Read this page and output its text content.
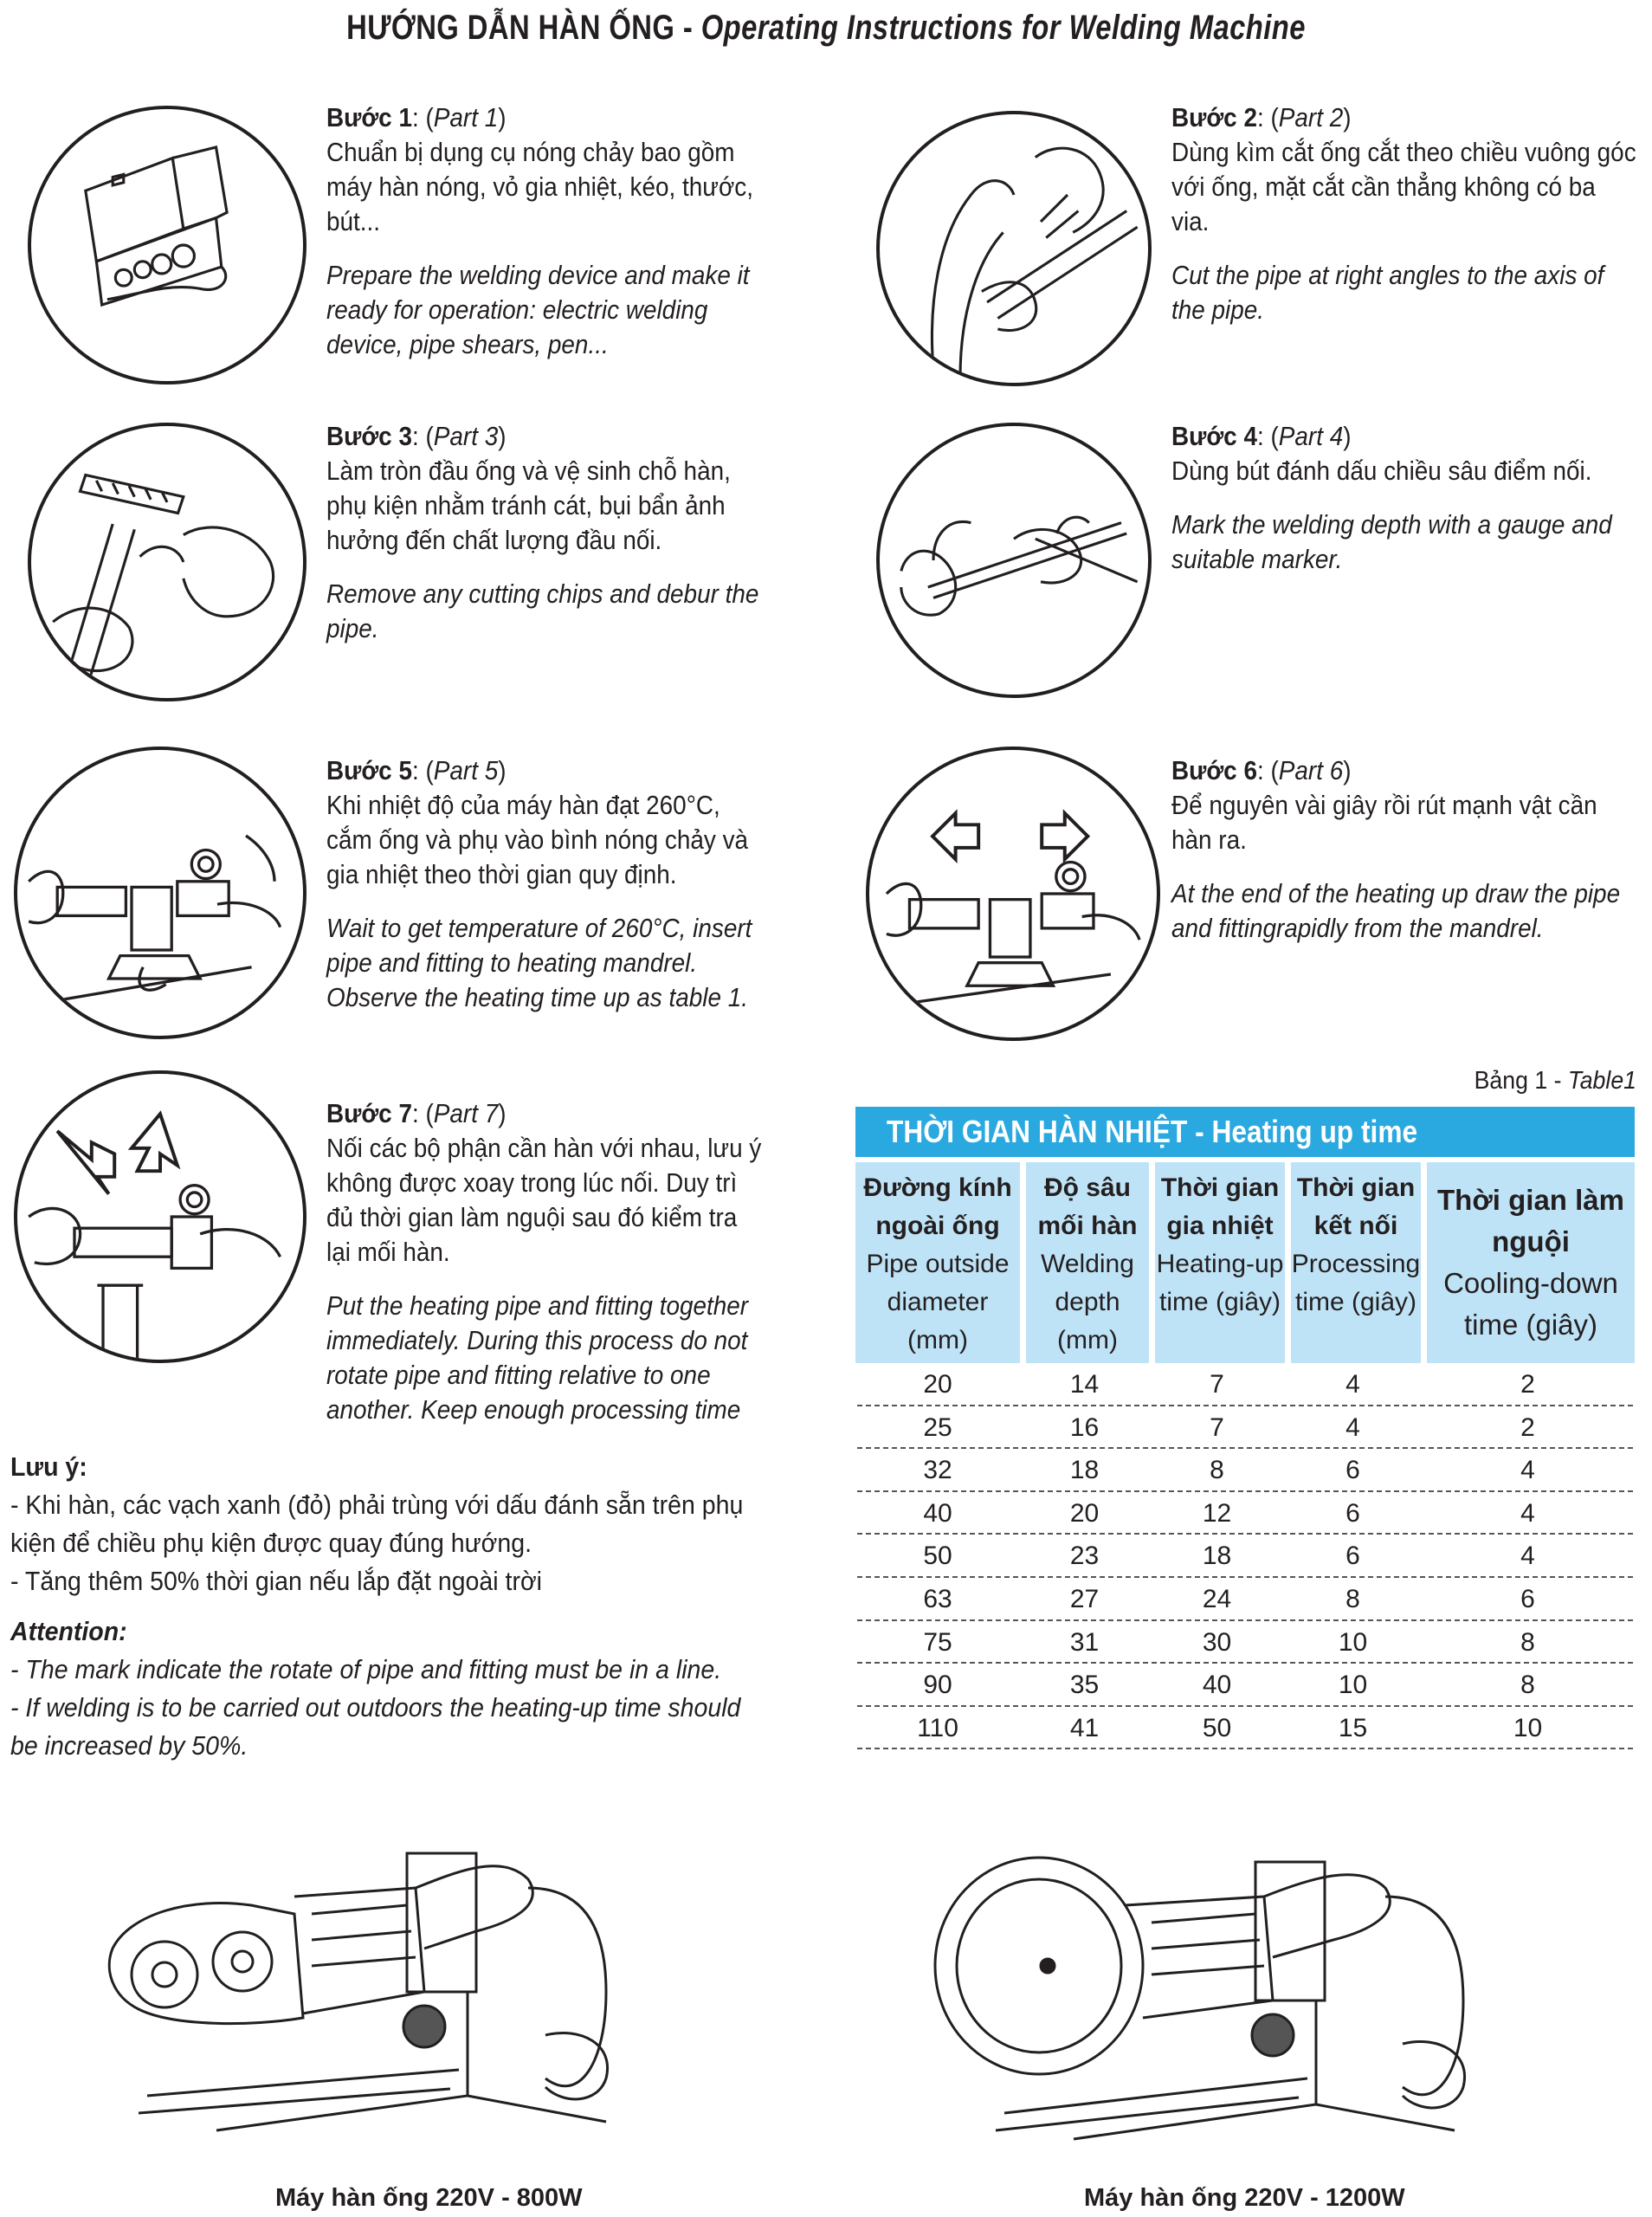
HƯỚNG DẪN HÀN ỐNG - Operating Instructions for Welding Machine
Bước 1: (Part 1)
Chuẩn bị dụng cụ nóng chảy bao gồm máy hàn nóng, vỏ gia nhiệt, kéo, thước, bút...
Prepare the welding device and make it ready for operation: electric welding device, pipe shears, pen...
Bước 2: (Part 2)
Dùng kìm cắt ống cắt theo chiều vuông góc với ống, mặt cắt cần thẳng không có ba via.
Cut the pipe at right angles to the axis of the pipe.
Bước 3: (Part 3)
Làm tròn đầu ống và vệ sinh chỗ hàn, phụ kiện nhằm tránh cát, bụi bẩn ảnh hưởng đến chất lượng đầu nối.
Remove any cutting chips and debur the pipe.
Bước 4: (Part 4)
Dùng bút đánh dấu chiều sâu điểm nối.
Mark the welding depth with a gauge and suitable marker.
Bước 5: (Part 5)
Khi nhiệt độ của máy hàn đạt 260°C, cắm ống và phụ vào bình nóng chảy và gia nhiệt theo thời gian quy định.
Wait to get temperature of 260°C, insert pipe and fitting to heating mandrel. Observe the heating time up as table 1.
Bước 6: (Part 6)
Để nguyên vài giây rồi rút mạnh vật cần hàn ra.
At the end of the heating up draw the pipe and fittingrapidly from the mandrel.
Bước 7: (Part 7)
Nối các bộ phận cần hàn với nhau, lưu ý không được xoay trong lúc nối. Duy trì đủ thời gian làm nguội sau đó kiểm tra lại mối hàn.
Put the heating pipe and fitting together immediately. During this process do not rotate pipe and fitting relative to one another. Keep enough processing time
Lưu ý:
- Khi hàn, các vạch xanh (đỏ) phải trùng với dấu đánh sẵn trên phụ kiện để chiều phụ kiện được quay đúng hướng.
- Tăng thêm 50% thời gian nếu lắp đặt ngoài trời
Attention:
- The mark indicate the rotate of pipe and fitting must be in a line.
- If welding is to be carried out outdoors the heating-up time should be increased by 50%.
Bảng 1 - Table1
THỜI GIAN HÀN NHIỆT - Heating up time
Đường kính ngoài ống
Pipe outside diameter (mm)
Độ sâu mối hàn
Welding depth (mm)
Thời gian gia nhiệt
Heating-up time (giây)
Thời gian kết nối
Processing time (giây)
Thời gian làm nguội
Cooling-down time (giây)
20	14	7	4	2
25	16	7	4	2
32	18	8	6	4
40	20	12	6	4
50	23	18	6	4
63	27	24	8	6
75	31	30	10	8
90	35	40	10	8
110	41	50	15	10
Máy hàn ống 220V - 800W	Máy hàn ống 220V - 1200W
